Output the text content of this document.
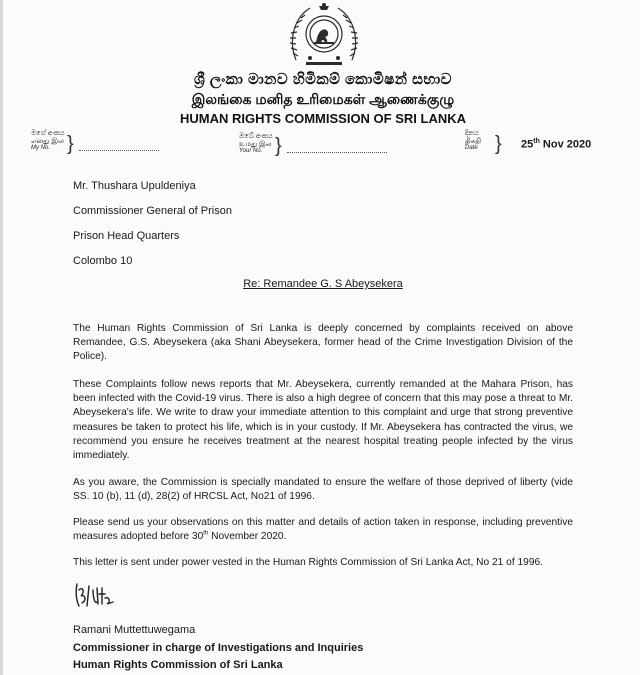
ශ්‍රී ලංකා මානව හිමිකම් කොමිෂන් සභාව
இலங்கை மனித உரிமைகள் ஆணைக்குழு
HUMAN RIGHTS COMMISSION OF SRI LANKA
මගේ අංකය
எனது இல

My No. }	ඔබේ අංකය
உமது இல

Your No. }
දිනය
திகதி

Date } 25th Nov 2020
Mr. Thushara Upuldeniya
Commissioner General of Prison
Prison Head Quarters
Colombo 10
Re: Remandee G. S Abeysekera
The Human Rights Commission of Sri Lanka is deeply concerned by complaints received on above Remandee, G.S. Abeysekera (aka Shani Abeysekera, former head of the Crime Investigation Division of the Police).
These Complaints follow news reports that Mr. Abeysekera, currently remanded at the Mahara Prison, has been infected with the Covid-19 virus. There is also a high degree of concern that this may pose a threat to Mr. Abeysekera's life. We write to draw your immediate attention to this complaint and urge that strong preventive measures be taken to protect his life, which is in your custody. If Mr. Abeysekera has contracted the virus, we recommend you ensure he receives treatment at the nearest hospital treating people infected by the virus immediately.
As you aware, the Commission is specially mandated to ensure the welfare of those deprived of liberty (vide SS. 10 (b), 11 (d), 28(2) of HRCSL Act, No21 of 1996.
Please send us your observations on this matter and details of action taken in response, including preventive measures adopted before 30th November 2020.
This letter is sent under power vested in the Human Rights Commission of Sri Lanka Act, No 21 of 1996.
Ramani Muttettuwegama
Commissioner in charge of Investigations and Inquiries
Human Rights Commission of Sri Lanka
